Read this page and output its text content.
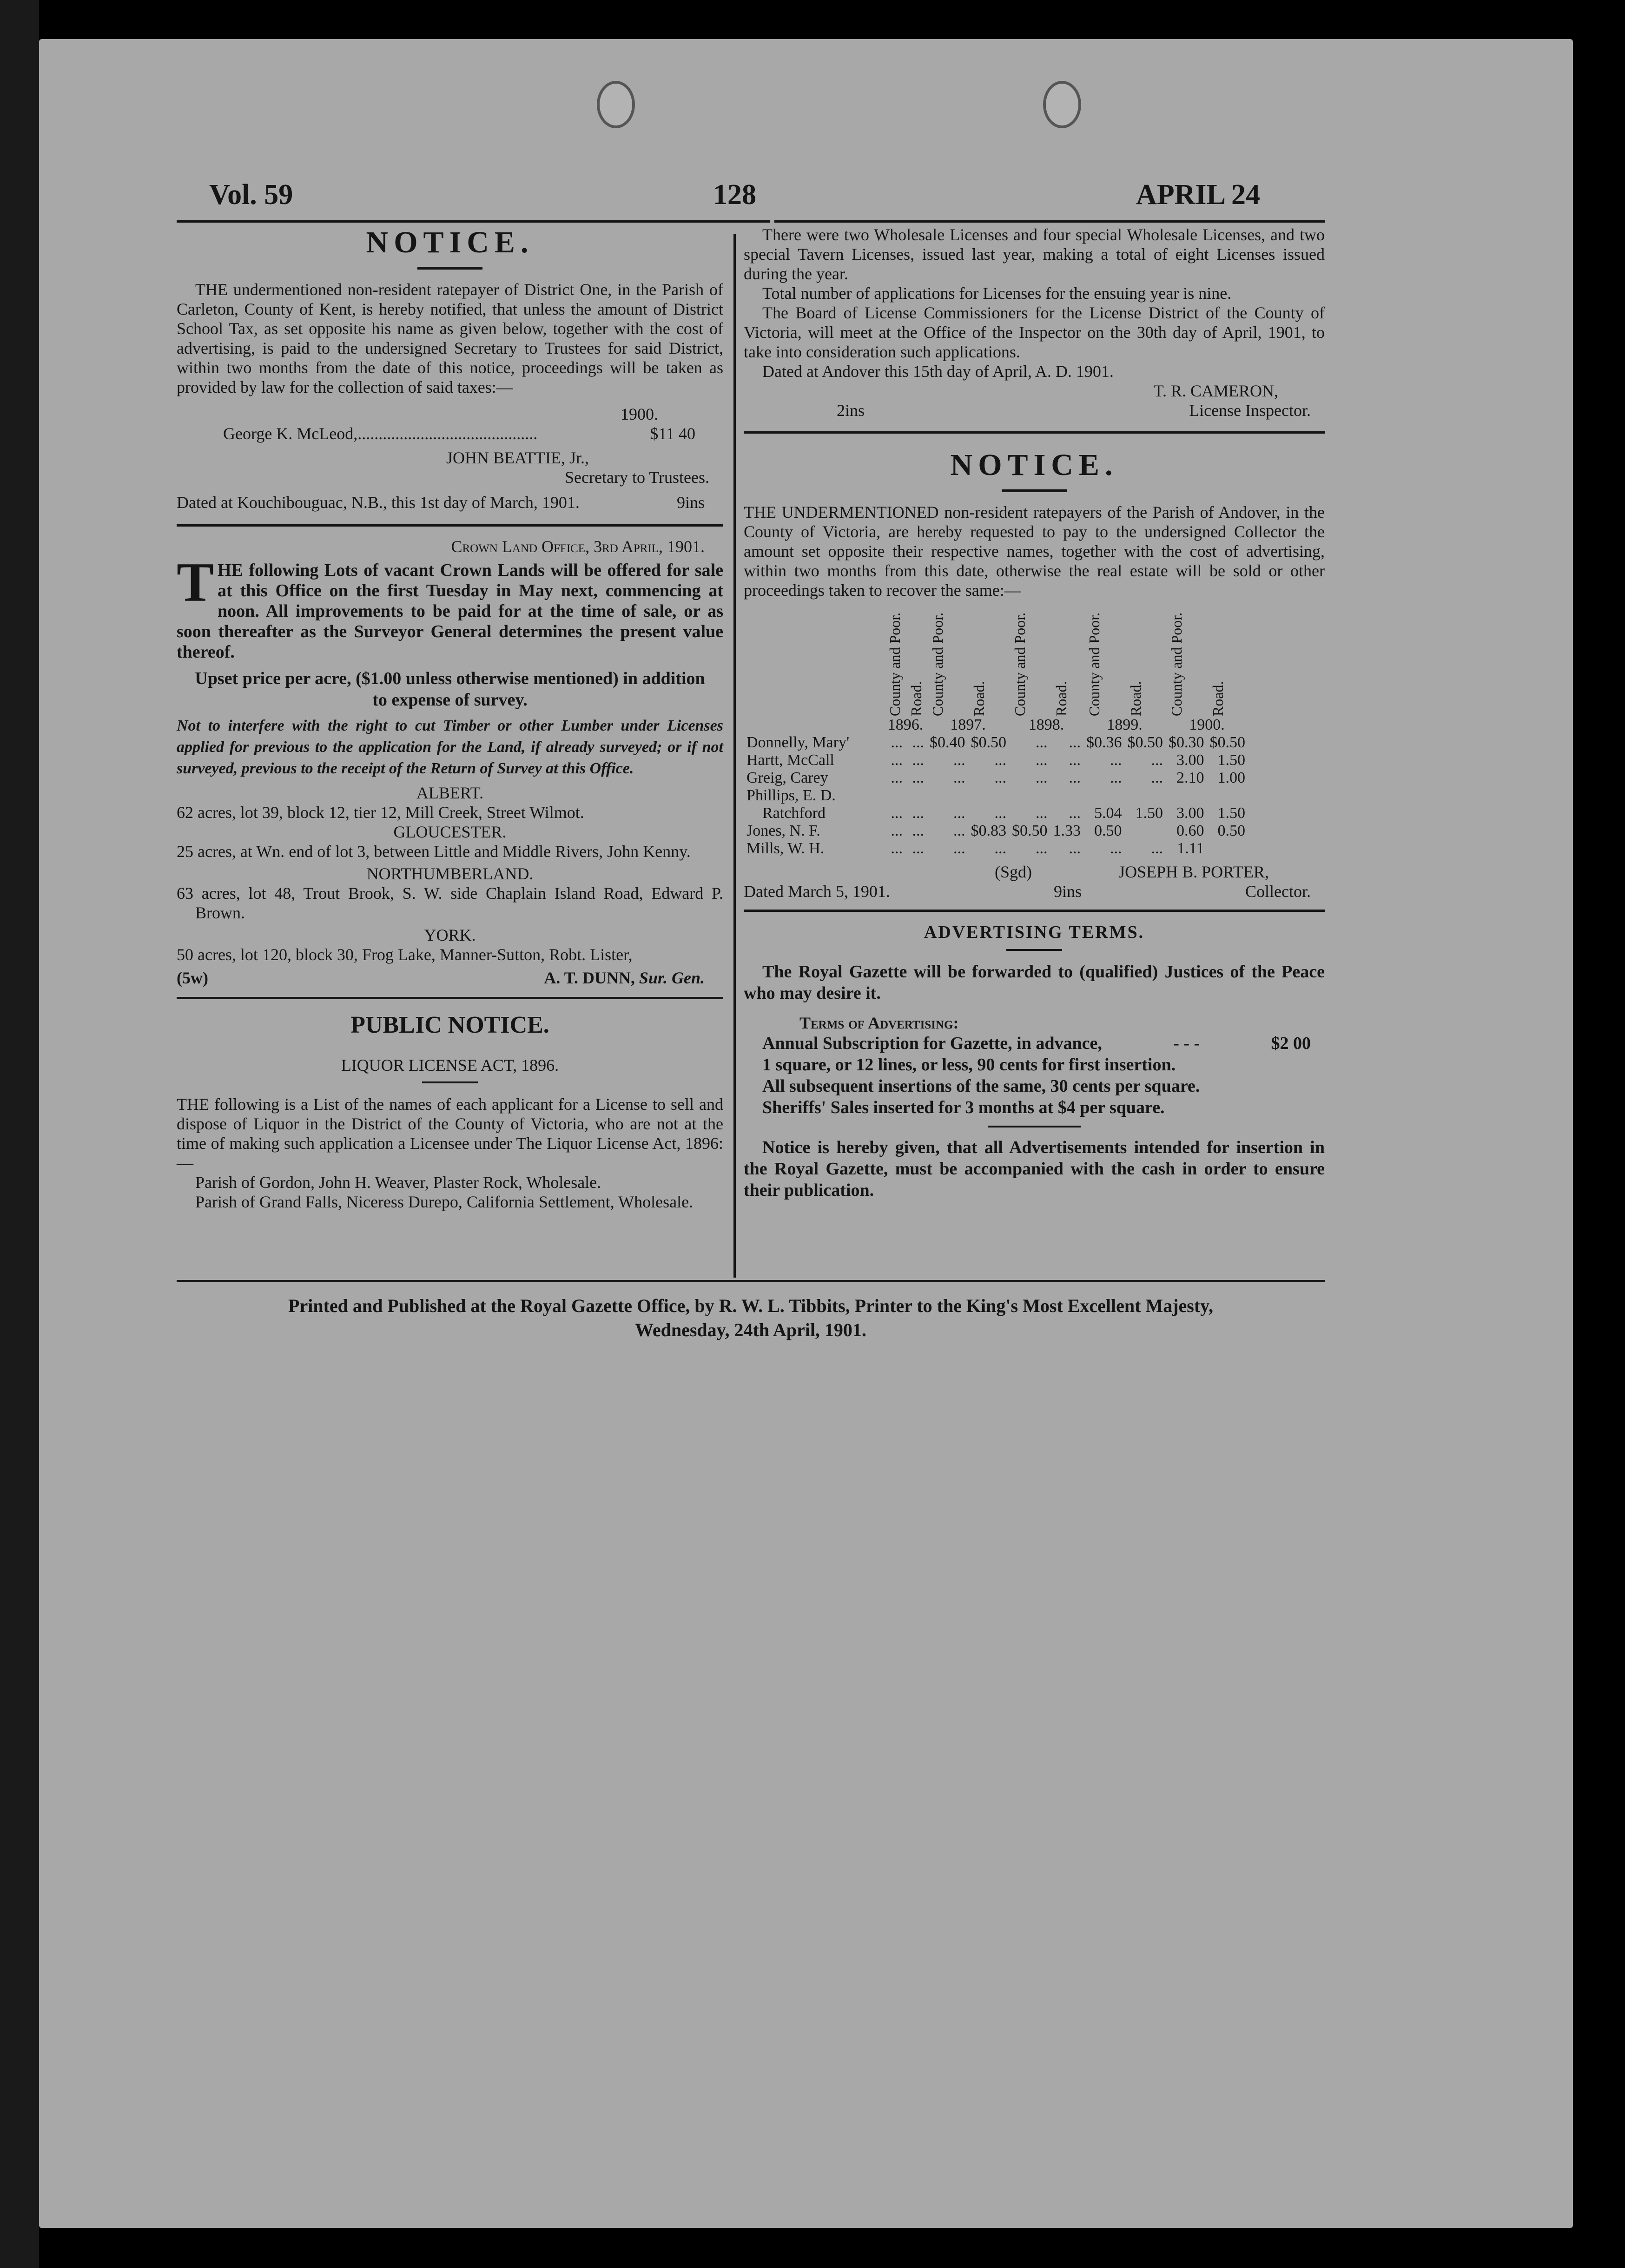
Vol. 59	128	APRIL 24
NOTICE.

THE undermentioned non-resident ratepayer of District One, in the Parish of Carleton, County of Kent, is hereby notified, that unless the amount of District School Tax, as set opposite his name as given below, together with the cost of advertising, is paid to the undersigned Secretary to Trustees for said District, within two months from the date of this notice, proceedings will be taken as provided by law for the collection of said taxes:—

1900.
George K. McLeod,...........................................	$11 40
JOHN BEATTIE, Jr.,
Secretary to Trustees.
Dated at Kouchibouguac, N.B., this 1st day of March, 1901.	9ins
Crown Land Office, 3rd April, 1901.
THE following Lots of vacant Crown Lands will be offered for sale at this Office on the first Tuesday in May next, commencing at noon. All improvements to be paid for at the time of sale, or as soon thereafter as the Surveyor General determines the present value thereof.
Upset price per acre, ($1.00 unless otherwise mentioned) in addition to expense of survey.
Not to interfere with the right to cut Timber or other Lumber under Licenses applied for previous to the application for the Land, if already surveyed; or if not surveyed, previous to the receipt of the Return of Survey at this Office.
ALBERT.
62 acres, lot 39, block 12, tier 12, Mill Creek, Street Wilmot.
GLOUCESTER.
25 acres, at Wn. end of lot 3, between Little and Middle Rivers, John Kenny.
NORTHUMBERLAND.
63 acres, lot 48, Trout Brook, S. W. side Chaplain Island Road, Edward P. Brown.
YORK.
50 acres, lot 120, block 30, Frog Lake, Manner-Sutton, Robt. Lister,
(5w)	A. T. DUNN, Sur. Gen.
PUBLIC NOTICE.
LIQUOR LICENSE ACT, 1896.

THE following is a List of the names of each applicant for a License to sell and dispose of Liquor in the District of the County of Victoria, who are not at the time of making such application a Licensee under The Liquor License Act, 1896:—

Parish of Gordon, John H. Weaver, Plaster Rock, Wholesale.
Parish of Grand Falls, Niceress Durepo, California Settlement, Wholesale.

There were two Wholesale Licenses and four special Wholesale Licenses, and two special Tavern Licenses, issued last year, making a total of eight Licenses issued during the year.

Total number of applications for Licenses for the ensuing year is nine.

The Board of License Commissioners for the License District of the County of Victoria, will meet at the Office of the Inspector on the 30th day of April, 1901, to take into consideration such applications.

Dated at Andover this 15th day of April, A. D. 1901.
T. R. CAMERON,
2ins	License Inspector.
NOTICE.

THE UNDERMENTIONED non-resident ratepayers of the Parish of Andover, in the County of Victoria, are hereby requested to pay to the undersigned Collector the amount set opposite their respective names, together with the cost of advertising, within two months from this date, otherwise the real estate will be sold or other proceedings taken to recover the same:—

	County and Poor.	Road.	County and Poor.	Road.	County and Poor.	Road.	County and Poor.	Road.	County and Poor.	Road.

	1896.		1897.		1898.		1899.		1900.	
Donnelly, Mary'	...	...	$0.40	$0.50	...	...	$0.36	$0.50	$0.30	$0.50
Hartt, McCall	...	...	...	...	...	...	...	...	3.00	1.50
Greig, Carey	...	...	...	...	...	...	...	...	2.10	1.00
Phillips, E. D.										
Ratchford	...	...	...	...	...	...	5.04	1.50	3.00	1.50
Jones, N. F.	...	...	...	$0.83	$0.50	1.33	0.50		0.60	0.50
Mills, W. H.	...	...	...	...	...	...	...	...	1.11	
(Sgd)	JOSEPH B. PORTER,
Dated March 5, 1901.	9ins	Collector.
ADVERTISING TERMS.

The Royal Gazette will be forwarded to (qualified) Justices of the Peace who may desire it.

Terms of Advertising:
Annual Subscription for Gazette, in advance,	- - -	$2 00
1 square, or 12 lines, or less, 90 cents for first insertion.
All subsequent insertions of the same, 30 cents per square.
Sheriffs' Sales inserted for 3 months at $4 per square.

Notice is hereby given, that all Advertisements intended for insertion in the Royal Gazette, must be accompanied with the cash in order to ensure their publication.

Printed and Published at the Royal Gazette Office, by R. W. L. Tibbits, Printer to the King's Most Excellent Majesty,
Wednesday, 24th April, 1901.
